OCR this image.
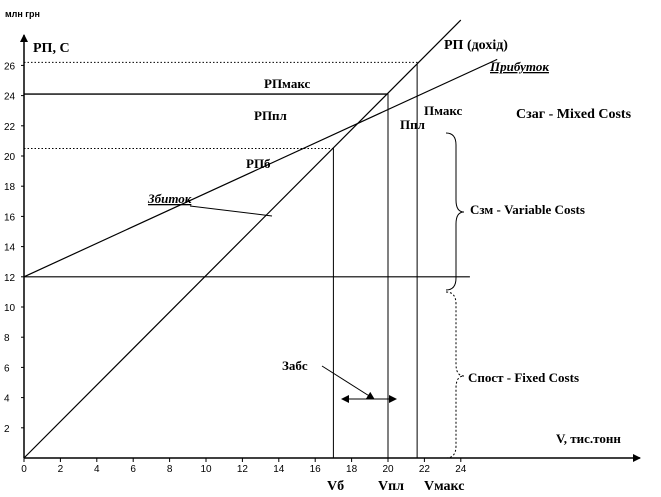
0	2	4	6	8	10	12	14	16	18	20	22	24
2
4
6
8
10
12
14
16
18
20
22
24
26
млн грн
РП, С
V, тис.тонн
РП (дохід)
Прибуток
Сзаг - Mixed Costs
Сзм - Variable Costs
Спост - Fixed Costs
РПмакс
РПпл
РПб
Пмакс
Ппл
Збиток
Забс
Vб Vпл Vмакс
